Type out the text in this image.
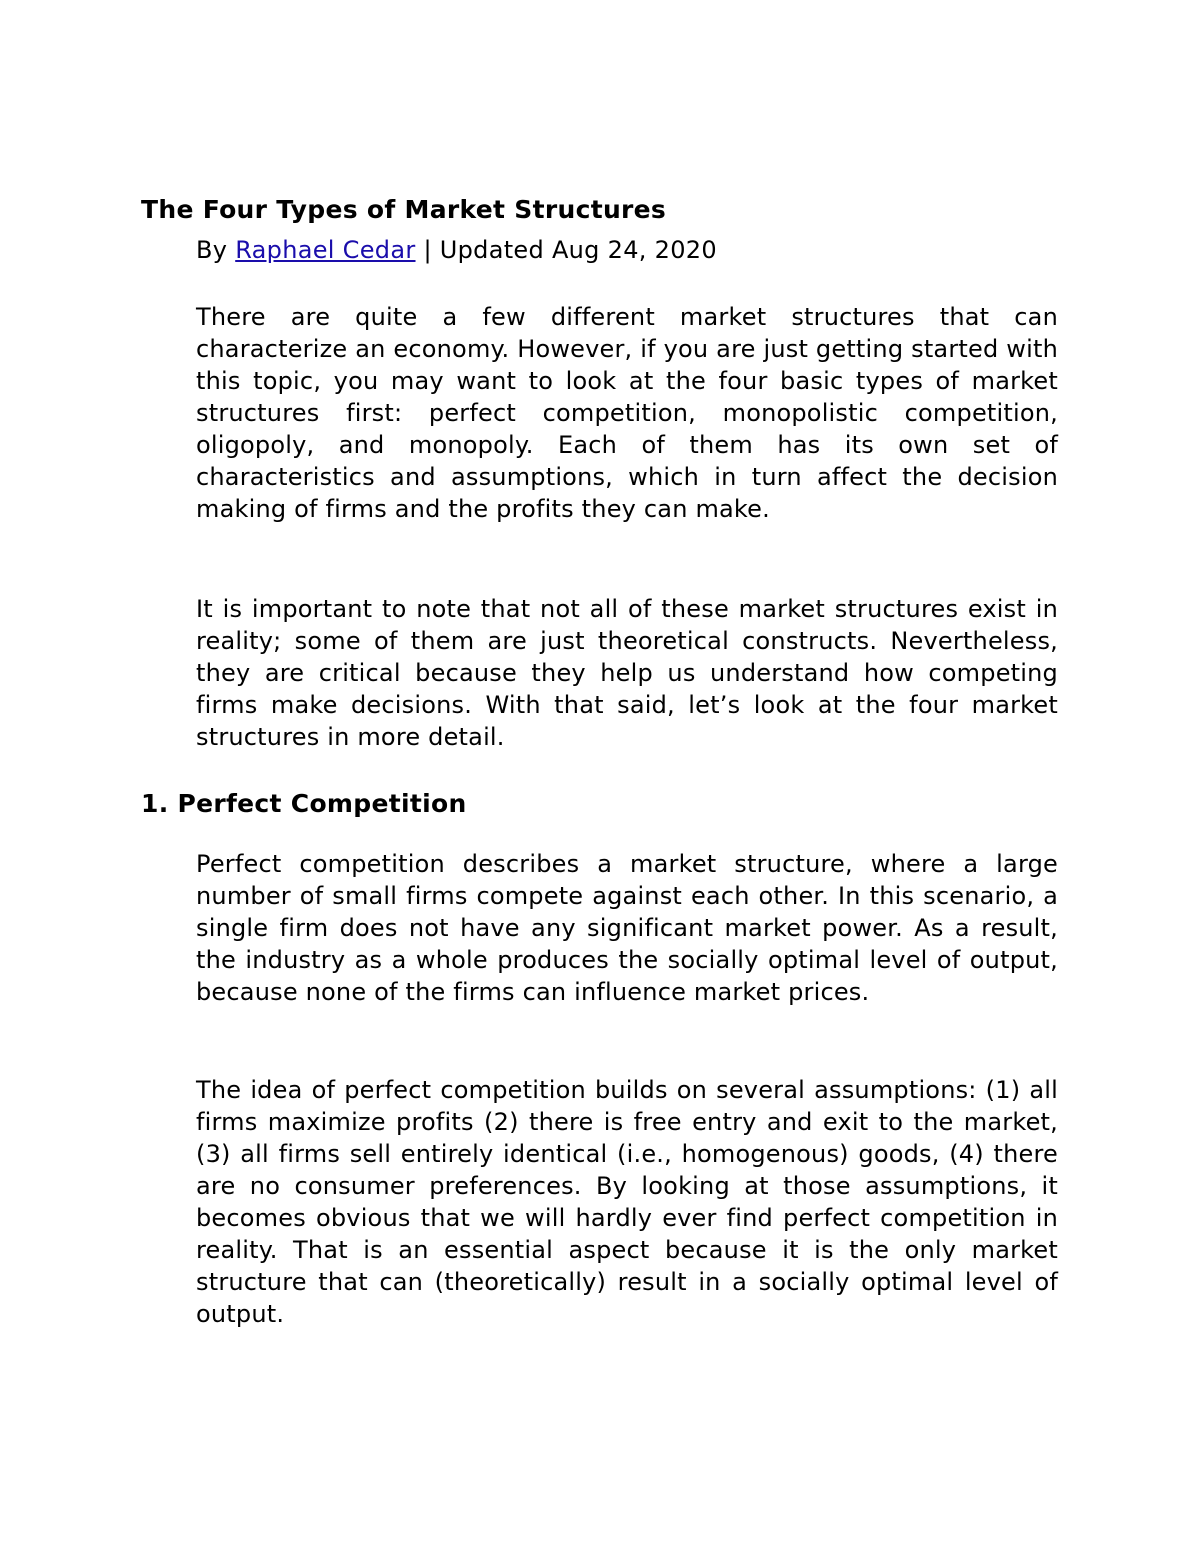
The Four Types of Market Structures

By Raphael Cedar | Updated Aug 24, 2020

There are quite a few different market structures that can characterize an economy. However, if you are just getting started with this topic, you may want to look at the four basic types of market structures first: perfect competition, monopolistic competition, oligopoly, and monopoly. Each of them has its own set of characteristics and assumptions, which in turn affect the decision making of firms and the profits they can make.

It is important to note that not all of these market structures exist in reality; some of them are just theoretical constructs. Nevertheless, they are critical because they help us understand how competing firms make decisions. With that said, let’s look at the four market structures in more detail.

1. Perfect Competition

Perfect competition describes a market structure, where a large number of small firms compete against each other. In this scenario, a single firm does not have any significant market power. As a result, the industry as a whole produces the socially optimal level of output, because none of the firms can influence market prices.

The idea of perfect competition builds on several assumptions: (1) all firms maximize profits (2) there is free entry and exit to the market, (3) all firms sell entirely identical (i.e., homogenous) goods, (4) there are no consumer preferences. By looking at those assumptions, it becomes obvious that we will hardly ever find perfect competition in reality. That is an essential aspect because it is the only market structure that can (theoretically) result in a socially optimal level of output.
